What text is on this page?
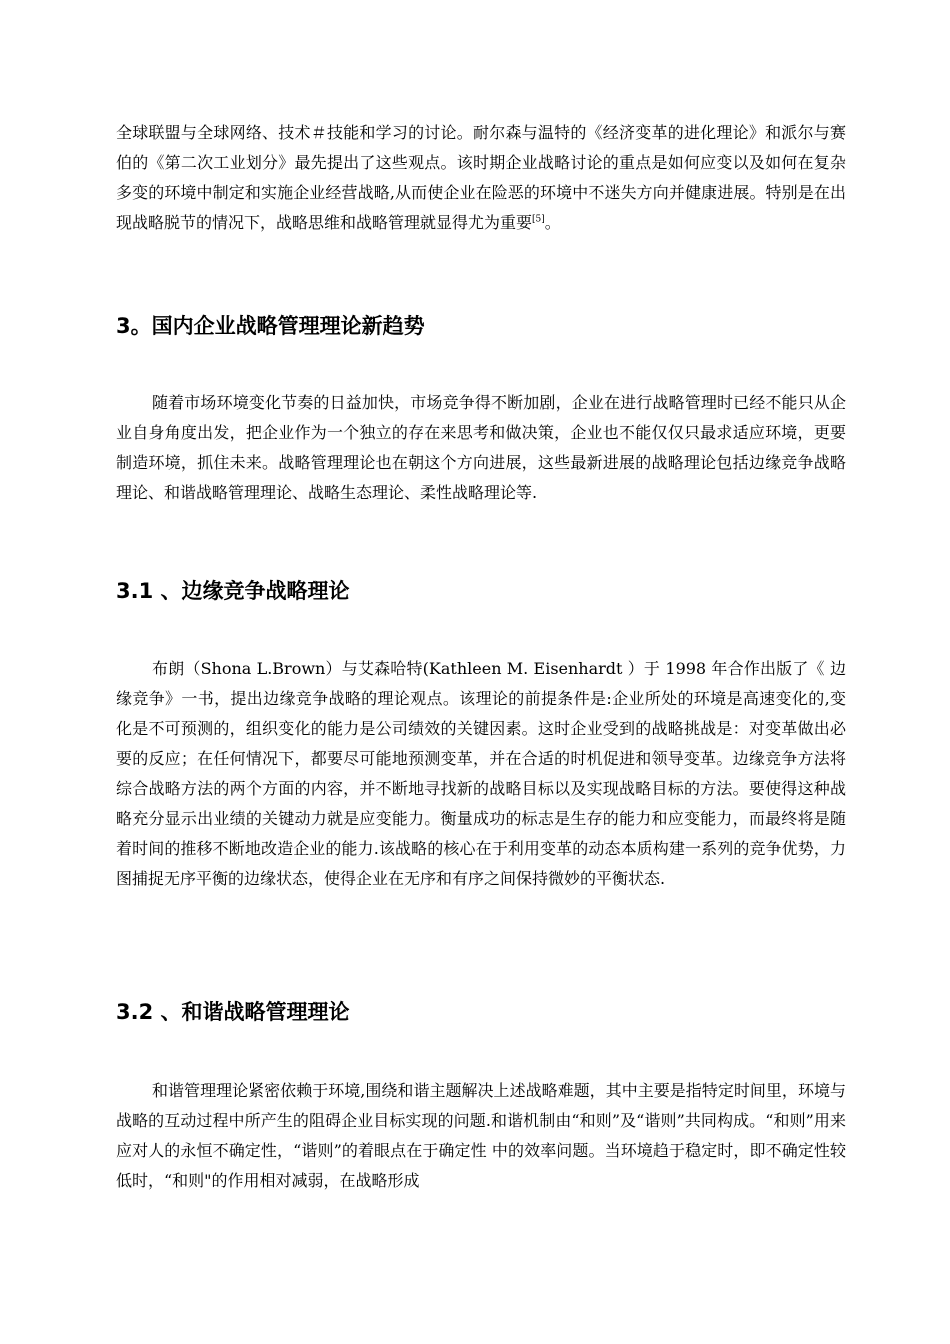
全球联盟与全球网络、技术＃技能和学习的讨论。耐尔森与温特的《经济变革的进化理论》和派尔与赛伯的《第二次工业划分》最先提出了这些观点。该时期企业战略讨论的重点是如何应变以及如何在复杂多变的环境中制定和实施企业经营战略,从而使企业在险恶的环境中不迷失方向并健康进展。特别是在出现战略脱节的情况下，战略思维和战略管理就显得尤为重要[5]。

3。国内企业战略管理理论新趋势

随着市场环境变化节奏的日益加快，市场竞争得不断加剧，企业在进行战略管理时已经不能只从企业自身角度出发，把企业作为一个独立的存在来思考和做决策，企业也不能仅仅只最求适应环境，更要制造环境，抓住未来。战略管理理论也在朝这个方向进展，这些最新进展的战略理论包括边缘竞争战略理论、和谐战略管理理论、战略生态理论、柔性战略理论等.

3.1 、边缘竞争战略理论

布朗（Shona L.Brown）与艾森哈特(Kathleen M. Eisenhardt ）于 1998 年合作出版了《 边缘竞争》一书，提出边缘竞争战略的理论观点。该理论的前提条件是:企业所处的环境是高速变化的,变化是不可预测的，组织变化的能力是公司绩效的关键因素。这时企业受到的战略挑战是：对变革做出必要的反应；在任何情况下，都要尽可能地预测变革，并在合适的时机促进和领导变革。边缘竞争方法将综合战略方法的两个方面的内容，并不断地寻找新的战略目标以及实现战略目标的方法。要使得这种战略充分显示出业绩的关键动力就是应变能力。衡量成功的标志是生存的能力和应变能力，而最终将是随着时间的推移不断地改造企业的能力.该战略的核心在于利用变革的动态本质构建一系列的竞争优势，力图捕捉无序平衡的边缘状态，使得企业在无序和有序之间保持微妙的平衡状态.

3.2 、和谐战略管理理论

和谐管理理论紧密依赖于环境,围绕和谐主题解决上述战略难题，其中主要是指特定时间里，环境与战略的互动过程中所产生的阻碍企业目标实现的问题.和谐机制由“和则”及“谐则”共同构成。“和则”用来应对人的永恒不确定性，“谐则”的着眼点在于确定性 中的效率问题。当环境趋于稳定时，即不确定性较低时，“和则"的作用相对减弱，在战略形成
